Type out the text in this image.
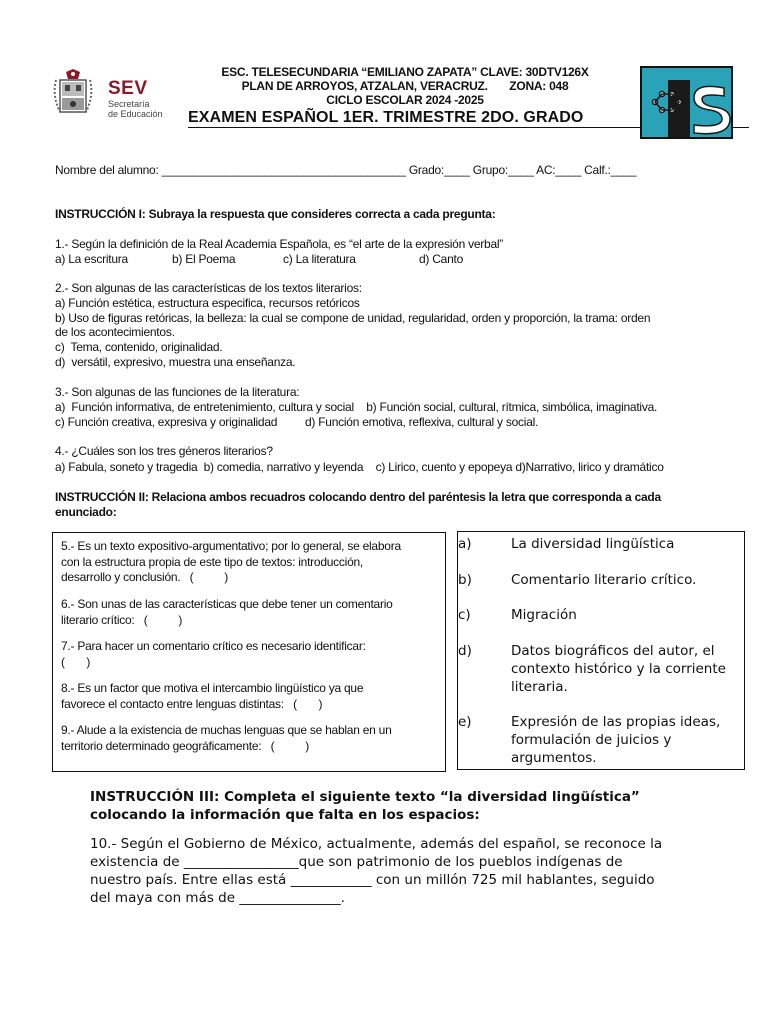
SEV
Secretaría
de Educación
ESC. TELESECUNDARIA “EMILIANO ZAPATA” CLAVE: 30DTV126X
PLAN DE ARROYOS, ATZALAN, VERACRUZ.       ZONA: 048
CICLO ESCOLAR 2024 -2025
EXAMEN ESPAÑOL 1ER. TRIMESTRE 2DO. GRADO
Nombre del alumno: ______________________________________ Grado:____ Grupo:____ AC:____ Calf.:____
INSTRUCCIÓN I: Subraya la respuesta que consideres correcta a cada pregunta:
1.- Según la definición de la Real Academia Española, es “el arte de la expresión verbal”
a) La escritura	b) El Poema	c) La literatura	d) Canto
2.- Son algunas de las características de los textos literarios:
a) Función estética, estructura especifica, recursos retóricos
b) Uso de figuras retóricas, la belleza: la cual se compone de unidad, regularidad, orden y proporción, la trama: orden
de los acontecimientos.
c)  Tema, contenido, originalidad.
d)  versátil, expresivo, muestra una enseñanza.
3.- Son algunas de las funciones de la literatura:
a)  Función informativa, de entretenimiento, cultura y social    b) Función social, cultural, rítmica, simbólica, imaginativa.
c) Función creativa, expresiva y originalidad         d) Función emotiva, reflexiva, cultural y social.
4.- ¿Cuáles son los tres géneros literarios?
a) Fabula, soneto y tragedia  b) comedia, narrativo y leyenda    c) Lirico, cuento y epopeya d)Narrativo, lirico y dramático
INSTRUCCIÓN II: Relaciona ambos recuadros colocando dentro del paréntesis la letra que corresponda a cada
enunciado:
5.- Es un texto expositivo-argumentativo; por lo general, se elabora
con la estructura propia de este tipo de textos: introducción,
desarrollo y conclusión.   (          )
6.- Son unas de las características que debe tener un comentario
literario crítico:   (          )
7.- Para hacer un comentario crítico es necesario identificar:
(       )
8.- Es un factor que motiva el intercambio lingüístico ya que
favorece el contacto entre lenguas distintas:   (       )
9.- Alude a la existencia de muchas lenguas que se hablan en un
territorio determinado geográficamente:   (          )
a)	La diversidad lingüística
b)	Comentario literario crítico.
c)	Migración
d)	Datos biográficos del autor, el
contexto histórico y la corriente
literaria.
e)	Expresión de las propias ideas,
formulación de juicios y
argumentos.
INSTRUCCIÓN III: Completa el siguiente texto “la diversidad lingüística”
colocando la información que falta en los espacios:
10.- Según el Gobierno de México, actualmente, además del español, se reconoce la
existencia de _________________que son patrimonio de los pueblos indígenas de
nuestro país. Entre ellas está ____________ con un millón 725 mil hablantes, seguido
del maya con más de _______________.
